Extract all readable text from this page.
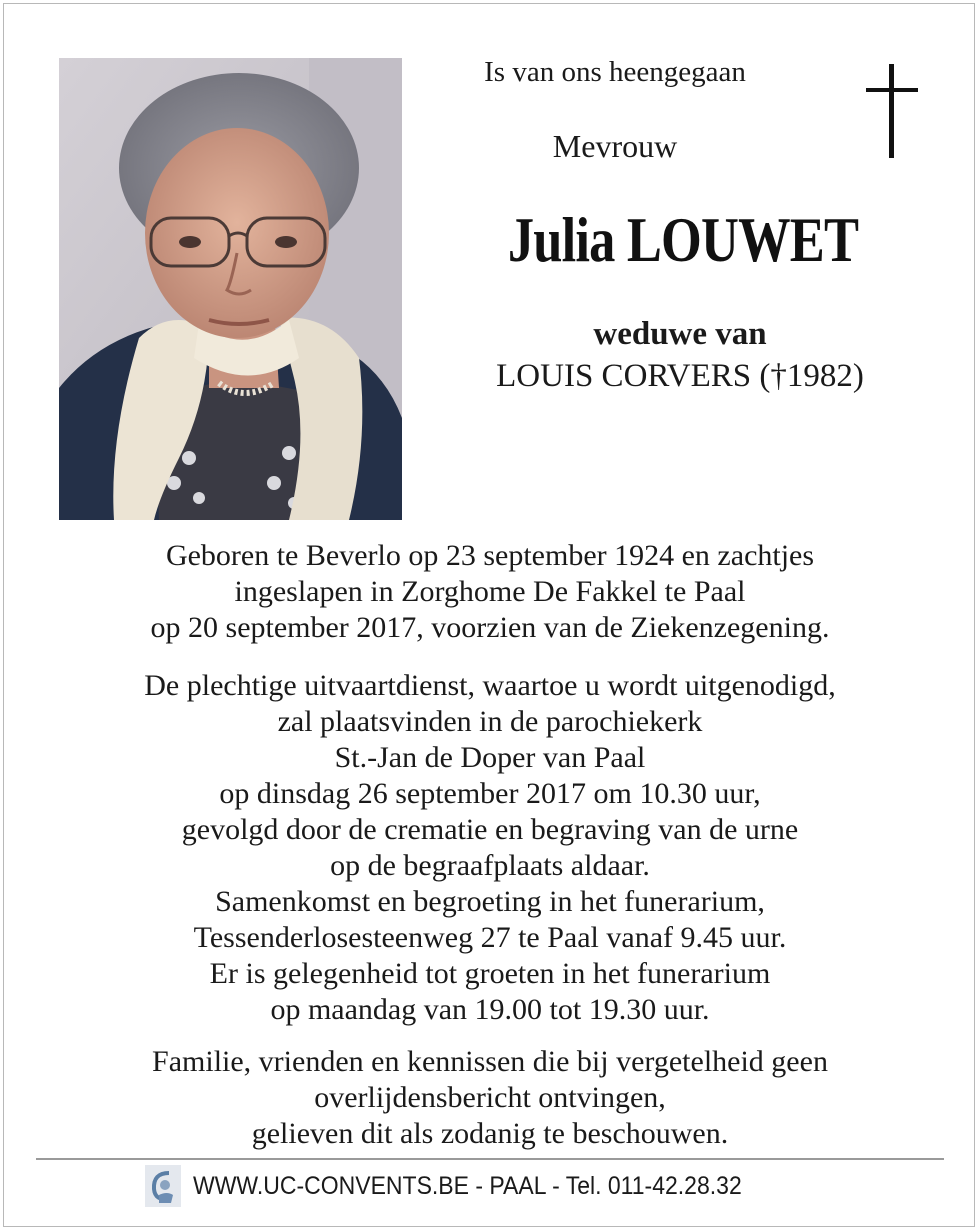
Is van ons heengegaan
Mevrouw
Julia LOUWET
weduwe van
LOUIS CORVERS (†1982)
Geboren te Beverlo op 23 september 1924 en zachtjes
ingeslapen in Zorghome De Fakkel te Paal
op 20 september 2017, voorzien van de Ziekenzegening.
De plechtige uitvaartdienst, waartoe u wordt uitgenodigd,
zal plaatsvinden in de parochiekerk
St.-Jan de Doper van Paal
op dinsdag 26 september 2017 om 10.30 uur,
gevolgd door de crematie en begraving van de urne
op de begraafplaats aldaar.
Samenkomst en begroeting in het funerarium,
Tessenderlosesteenweg 27 te Paal vanaf 9.45 uur.
Er is gelegenheid tot groeten in het funerarium
op maandag van 19.00 tot 19.30 uur.
Familie, vrienden en kennissen die bij vergetelheid geen
overlijdensbericht ontvingen,
gelieven dit als zodanig te beschouwen.
WWW.UC-CONVENTS.BE - PAAL - Tel. 011-42.28.32
